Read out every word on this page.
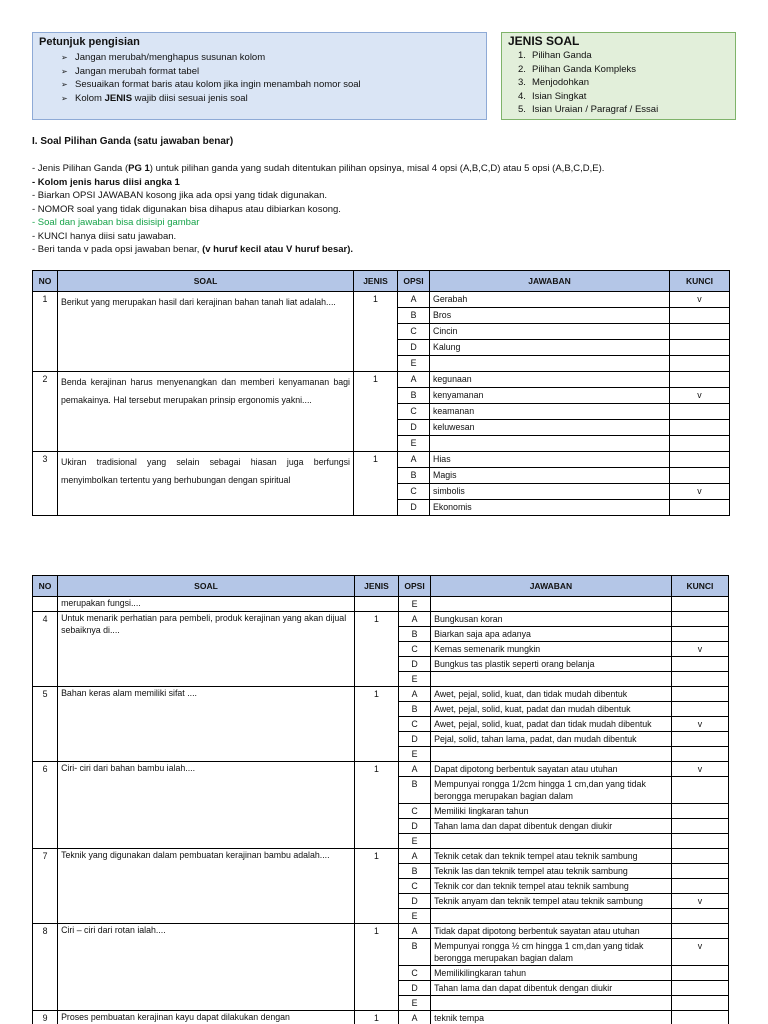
Petunjuk pengisian
➢ Jangan merubah/menghapus susunan kolom
➢ Jangan merubah format tabel
➢ Sesuaikan format baris atau kolom jika ingin menambah nomor soal
➢ Kolom JENIS wajib diisi sesuai jenis soal
JENIS SOAL
1. Pilihan Ganda
2. Pilihan Ganda Kompleks
3. Menjodohkan
4. Isian Singkat
5. Isian Uraian / Paragraf / Essai
I. Soal Pilihan Ganda (satu jawaban benar)
- Jenis Pilihan Ganda (PG 1) untuk pilihan ganda yang sudah ditentukan pilihan opsinya, misal 4 opsi (A,B,C,D) atau 5 opsi (A,B,C,D,E).
- Kolom jenis harus diisi angka 1
- Biarkan OPSI JAWABAN kosong jika ada opsi yang tidak digunakan.
- NOMOR soal yang tidak digunakan bisa dihapus atau dibiarkan kosong.
- Soal dan jawaban bisa disisipi gambar
- KUNCI hanya diisi satu jawaban.
- Beri tanda v pada opsi jawaban benar, (v huruf kecil atau V huruf besar).
NO	SOAL	JENIS	OPSI	JAWABAN	KUNCI
1	Berikut yang merupakan hasil dari kerajinan bahan tanah liat adalah....	1	A	Gerabah	v
			B	Bros	
			C	Cincin	
			D	Kalung	
			E		
2	Benda kerajinan harus menyenangkan dan memberi kenyamanan bagi pemakainya. Hal tersebut merupakan prinsip ergonomis yakni....	1	A	kegunaan	
			B	kenyamanan	v
			C	keamanan	
			D	keluwesan	
			E		
3	Ukiran tradisional yang selain sebagai hiasan juga berfungsi menyimbolkan tertentu yang berhubungan dengan spiritual	1	A	Hias	
			B	Magis	
			C	simbolis	v
			D	Ekonomis	
NO	SOAL	JENIS	OPSI	JAWABAN	KUNCI
	merupakan fungsi....		E		
4	Untuk menarik perhatian para pembeli, produk kerajinan yang akan dijual sebaiknya di....	1	A	Bungkusan koran	
			B	Biarkan saja apa adanya	
			C	Kemas semenarik mungkin	v
			D	Bungkus tas plastik seperti orang belanja	
			E		
5	Bahan keras alam memiliki sifat ....	1	A	Awet, pejal, solid, kuat, dan tidak mudah dibentuk	
			B	Awet, pejal, solid, kuat, padat dan mudah dibentuk	
			C	Awet, pejal, solid, kuat, padat dan tidak mudah dibentuk	v
			D	Pejal, solid, tahan lama, padat, dan mudah dibentuk	
			E		
6	Ciri- ciri dari bahan bambu ialah....	1	A	Dapat dipotong berbentuk sayatan atau utuhan	v
			B	Mempunyai rongga 1/2cm hingga 1 cm,dan yang tidak berongga merupakan bagian dalam	
			C	Memiliki lingkaran tahun	
			D	Tahan lama dan dapat dibentuk dengan diukir	
			E		
7	Teknik yang digunakan dalam pembuatan kerajinan bambu adalah....	1	A	Teknik cetak dan teknik tempel atau teknik sambung	
			B	Teknik las dan teknik tempel atau teknik sambung	
			C	Teknik cor dan teknik tempel atau teknik sambung	
			D	Teknik anyam dan teknik tempel atau teknik sambung	v
			E		
8	Ciri – ciri dari rotan ialah....	1	A	Tidak dapat dipotong berbentuk sayatan atau utuhan	
			B	Mempunyai rongga ½ cm hingga 1 cm,dan yang tidak berongga merupakan bagian dalam	v
			C	Memilikilingkaran tahun	
			D	Tahan lama dan dapat dibentuk dengan diukir	
			E		
9	Proses pembuatan kerajinan kayu dapat dilakukan dengan	1	A	teknik tempa	
